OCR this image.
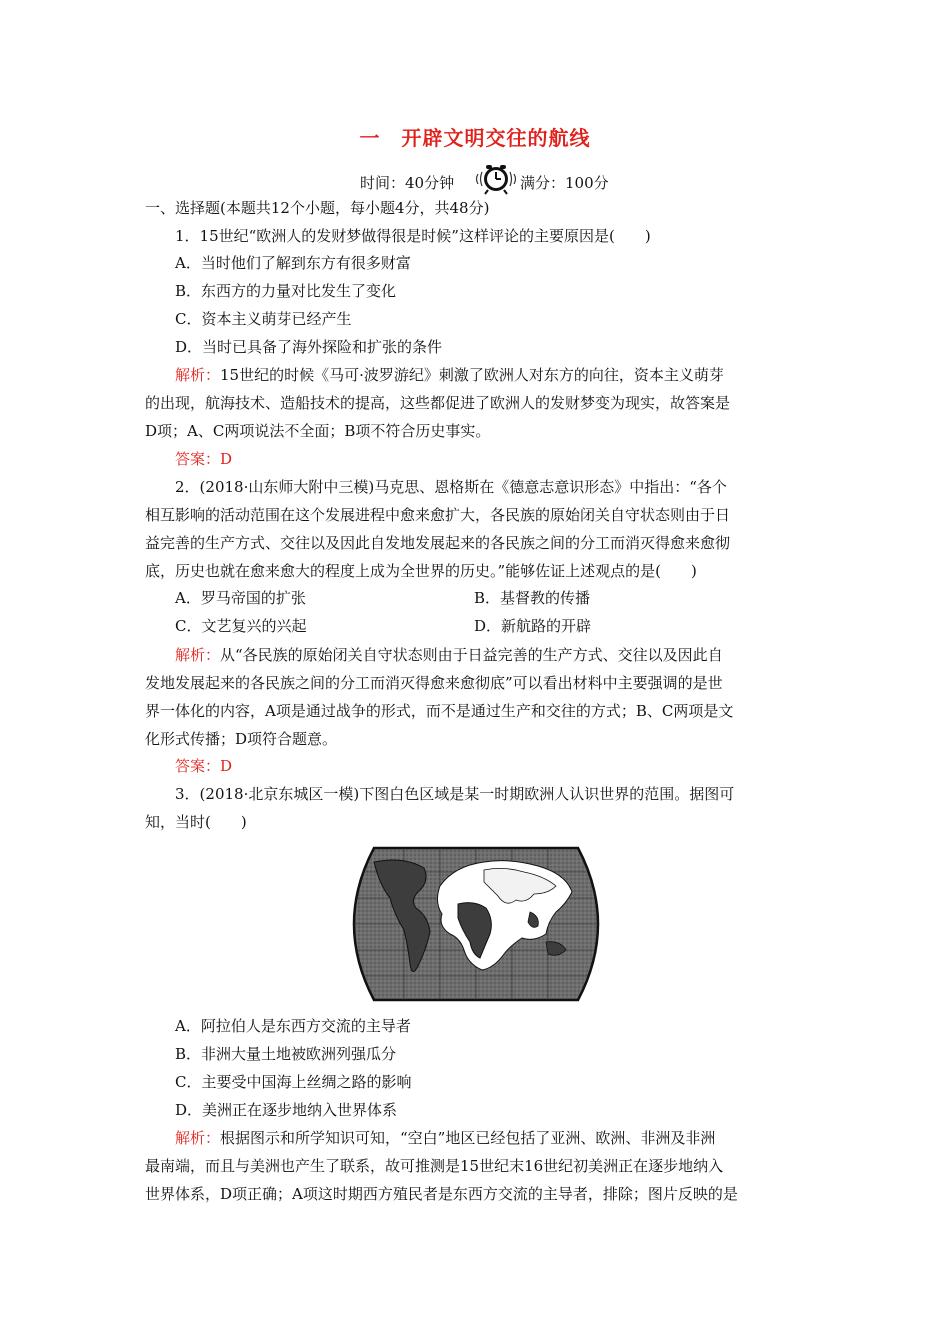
一　开辟文明交往的航线
时间：40分钟	满分：100分
一、选择题(本题共12个小题，每小题4分，共48分)
1．15世纪“欧洲人的发财梦做得很是时候”这样评论的主要原因是(　　)
A．当时他们了解到东方有很多财富
B．东西方的力量对比发生了变化
C．资本主义萌芽已经产生
D．当时已具备了海外探险和扩张的条件
解析：15世纪的时候《马可·波罗游纪》刺激了欧洲人对东方的向往，资本主义萌芽
的出现，航海技术、造船技术的提高，这些都促进了欧洲人的发财梦变为现实，故答案是
D项；A、C两项说法不全面；B项不符合历史事实。
答案：D
2．(2018·山东师大附中三模)马克思、恩格斯在《德意志意识形态》中指出：“各个
相互影响的活动范围在这个发展进程中愈来愈扩大，各民族的原始闭关自守状态则由于日
益完善的生产方式、交往以及因此自发地发展起来的各民族之间的分工而消灭得愈来愈彻
底，历史也就在愈来愈大的程度上成为全世界的历史。”能够佐证上述观点的是(　　)
A．罗马帝国的扩张	B．基督教的传播
C．文艺复兴的兴起	D．新航路的开辟
解析：从“各民族的原始闭关自守状态则由于日益完善的生产方式、交往以及因此自
发地发展起来的各民族之间的分工而消灭得愈来愈彻底”可以看出材料中主要强调的是世
界一体化的内容，A项是通过战争的形式，而不是通过生产和交往的方式；B、C两项是文
化形式传播；D项符合题意。
答案：D
3．(2018·北京东城区一模)下图白色区域是某一时期欧洲人认识世界的范围。据图可
知，当时(　　)
A．阿拉伯人是东西方交流的主导者
B．非洲大量土地被欧洲列强瓜分
C．主要受中国海上丝绸之路的影响
D．美洲正在逐步地纳入世界体系
解析：根据图示和所学知识可知，“空白”地区已经包括了亚洲、欧洲、非洲及非洲
最南端，而且与美洲也产生了联系，故可推测是15世纪末16世纪初美洲正在逐步地纳入
世界体系，D项正确；A项这时期西方殖民者是东西方交流的主导者，排除；图片反映的是
